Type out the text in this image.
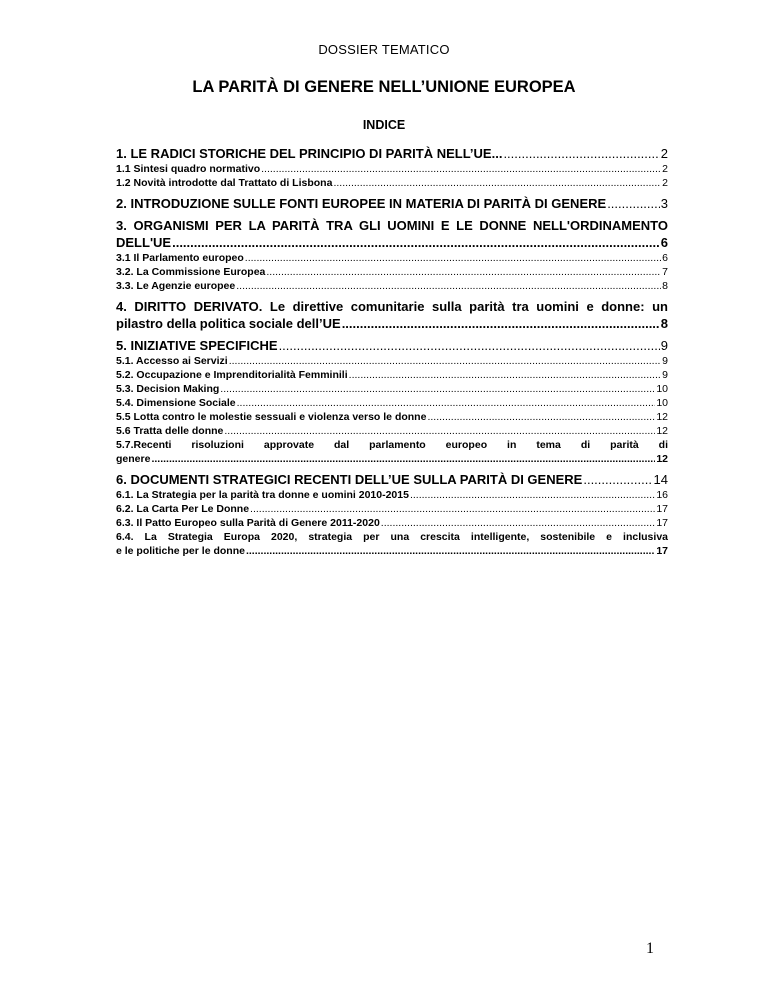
DOSSIER TEMATICO
LA PARITÀ DI GENERE NELL’UNIONE EUROPEA
INDICE
1. LE RADICI STORICHE DEL PRINCIPIO DI PARITÀ NELL’UE... .....	2
1.1 Sintesi quadro normativo .....	2
1.2 Novità introdotte dal Trattato di Lisbona .....	2
2. INTRODUZIONE SULLE FONTI EUROPEE IN MATERIA DI PARITÀ DI GENERE .....	3
3. ORGANISMI PER LA PARITÀ TRA GLI UOMINI E LE DONNE NELL'ORDINAMENTO
DELL'UE .....	6
3.1 Il Parlamento europeo .....	6
3.2. La Commissione Europea .....	7
3.3. Le Agenzie europee .....	8
4. DIRITTO DERIVATO. Le direttive comunitarie sulla parità tra uomini e donne: un
pilastro della politica sociale dell’UE .....	8
5. INIZIATIVE SPECIFICHE .....	9
5.1. Accesso ai Servizi .....	9
5.2. Occupazione e Imprenditorialità Femminili .....	9
5.3. Decision Making .....	10
5.4. Dimensione Sociale .....	10
5.5 Lotta contro le molestie sessuali e violenza verso le donne .....	12
5.6 Tratta delle donne .....	12
5.7.Recenti risoluzioni approvate dal parlamento europeo in tema di parità di
genere .....	12
6. DOCUMENTI STRATEGICI RECENTI DELL’UE SULLA PARITÀ DI GENERE .....	14
6.1. La Strategia per la parità tra donne e uomini 2010-2015 .....	16
6.2. La Carta Per Le Donne .....	17
6.3. Il Patto Europeo sulla Parità di Genere 2011-2020 .....	17
6.4. La Strategia Europa 2020, strategia per una crescita intelligente, sostenibile e inclusiva
e le politiche per le donne .....	17
1
